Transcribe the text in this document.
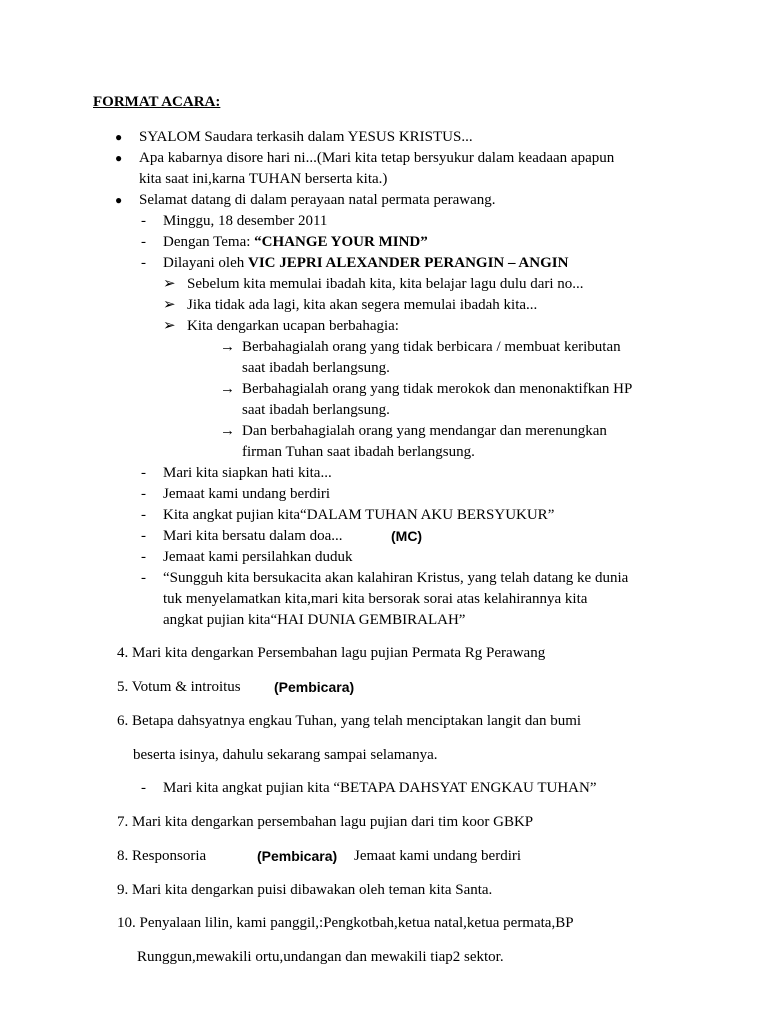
FORMAT ACARA:
● SYALOM Saudara terkasih dalam YESUS KRISTUS...
● Apa kabarnya disore hari ni...(Mari kita tetap bersyukur dalam keadaan apapun
kita saat ini,karna TUHAN berserta kita.)
● Selamat datang di dalam perayaan natal permata perawang.
- Minggu, 18 desember 2011
- Dengan Tema: “CHANGE YOUR MIND”
- Dilayani oleh VIC JEPRI ALEXANDER PERANGIN – ANGIN
➢ Sebelum kita memulai ibadah kita, kita belajar lagu dulu dari no...
➢ Jika tidak ada lagi, kita akan segera memulai ibadah kita...
➢ Kita dengarkan ucapan berbahagia:
→ Berbahagialah orang yang tidak berbicara / membuat keributan
saat ibadah berlangsung.
→ Berbahagialah orang yang tidak merokok dan menonaktifkan HP
saat ibadah berlangsung.
→ Dan berbahagialah orang yang mendangar dan merenungkan
firman Tuhan saat ibadah berlangsung.
- Mari kita siapkan hati kita...
- Jemaat kami undang berdiri
- Kita angkat pujian kita“DALAM TUHAN AKU BERSYUKUR”
- Mari kita bersatu dalam doa...	(MC)
- Jemaat kami persilahkan duduk
- “Sungguh kita bersukacita akan kalahiran Kristus, yang telah datang ke dunia
tuk menyelamatkan kita,mari kita bersorak sorai atas kelahirannya kita
angkat pujian kita“HAI DUNIA GEMBIRALAH”
4. Mari kita dengarkan Persembahan lagu pujian Permata Rg Perawang
5. Votum & introitus (Pembicara)
6. Betapa dahsyatnya engkau Tuhan, yang telah menciptakan langit dan bumi
beserta isinya, dahulu sekarang sampai selamanya.
- Mari kita angkat pujian kita “BETAPA DAHSYAT ENGKAU TUHAN”
7. Mari kita dengarkan persembahan lagu pujian dari tim koor GBKP
8. Responsoria	(Pembicara) Jemaat kami undang berdiri
9. Mari kita dengarkan puisi dibawakan oleh teman kita Santa.
10. Penyalaan lilin, kami panggil,:Pengkotbah,ketua natal,ketua permata,BP
Runggun,mewakili ortu,undangan dan mewakili tiap2 sektor.
